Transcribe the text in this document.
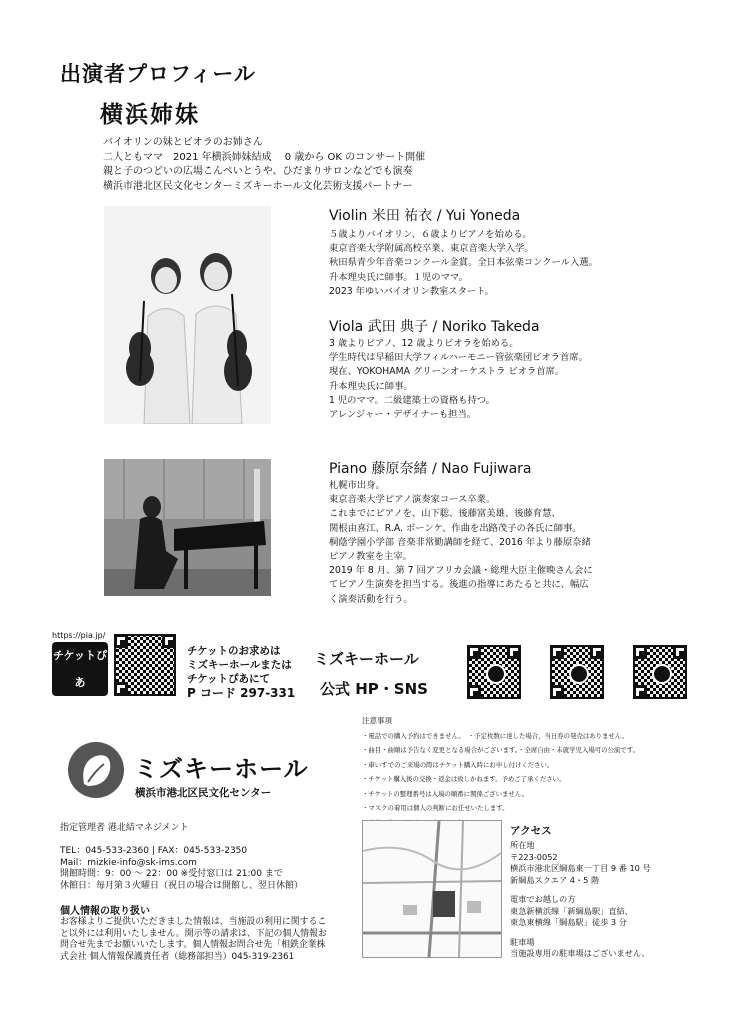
出演者プロフィール
横浜姉妹
バイオリンの妹とビオラのお姉さん
二人ともママ　2021 年横浜姉妹結成　 0 歳から OK のコンサート開催
親と子のつどいの広場こんぺいとうや、ひだまりサロンなどでも演奏
横浜市港北区民文化センターミズキーホール文化芸術支援パートナー
Violin 米田 祐衣 / Yui Yoneda
５歳よりバイオリン、６歳よりピアノを始める。
東京音楽大学附属高校卒業、東京音楽大学入学。
秋田県青少年音楽コンクール金賞。全日本弦楽コンクール入選。
升本理央氏に師事。１児のママ。
2023 年ゆいバイオリン教室スタート。
Viola 武田 典子 / Noriko Takeda
3 歳よりピアノ、12 歳よりビオラを始める。
学生時代は早稲田大学フィルハーモニー管弦楽団ビオラ首席。
現在、YOKOHAMA グリーンオーケストラ ビオラ首席。
升本理央氏に師事。
1 児のママ。二級建築士の資格も持つ。
アレンジャー・デザイナーも担当。
Piano 藤原奈緒 / Nao Fujiwara
札幌市出身。
東京音楽大学ピアノ演奏家コース卒業。
これまでにピアノを、山下聡、後藤富美雄、後藤育慧、
関根由喜江、R.A. ボーンケ、作曲を出路茂子の各氏に師事。
桐蔭学園小学部 音楽非常勤講師を経て、2016 年より藤原奈緒
ピアノ教室を主宰。
2019 年 8 月、第 7 回アフリカ会議・総理大臣主催晩さん会に
てピアノ生演奏を担当する。後進の指導にあたると共に、幅広
く演奏活動を行う。
https://pia.jp/
チケットぴあ
チケットのお求めは
ミズキーホールまたは
チケットぴあにて
P コード 297-331
ミズキーホール
公式 HP・SNS
ミズキーホール
横浜市港北区民文化センター
注意事項
・電話での購入予約はできません。　・予定枚数に達した場合、当日券の発売はありません。
・曲目・曲順は予告なく変更となる場合がございます。・全席自由・未就学児入場可の公演です。
・車いすでのご来場の際はチケット購入時にお申し付けください。
・チケット購入後の交換・返金は致しかねます。予めご了承ください。
・チケットの整理番号は入場の順番に関係ございません。
・マスクの着用は個人の判断にお任せいたします。
指定管理者 港北結マネジメント
TEL：045-533-2360 | FAX：045-533-2350
Mail：mizkie-info@sk-ims.com
開館時間：9：00 ～ 22：00 ※受付窓口は 21:00 まで
休館日：毎月第３火曜日（祝日の場合は開館し、翌日休館）
個人情報の取り扱い
お客様よりご提供いただきました情報は、当施設の利用に関するこ
と以外には利用いたしません。開示等の請求は、下記の個人情報お
問合せ先までお願いいたします。個人情報お問合せ先「相鉄企業株
式会社 個人情報保護責任者（総務部担当）045-319-2361
アクセス
所在地
〒223-0052
横浜市港北区綱島東一丁目 9 番 10 号
新綱島スクエア 4・5 階
電車でお越しの方
東急新横浜線「新綱島駅」直結、
東急東横線「綱島駅」徒歩 3 分
駐車場
当施設専用の駐車場はございません。
